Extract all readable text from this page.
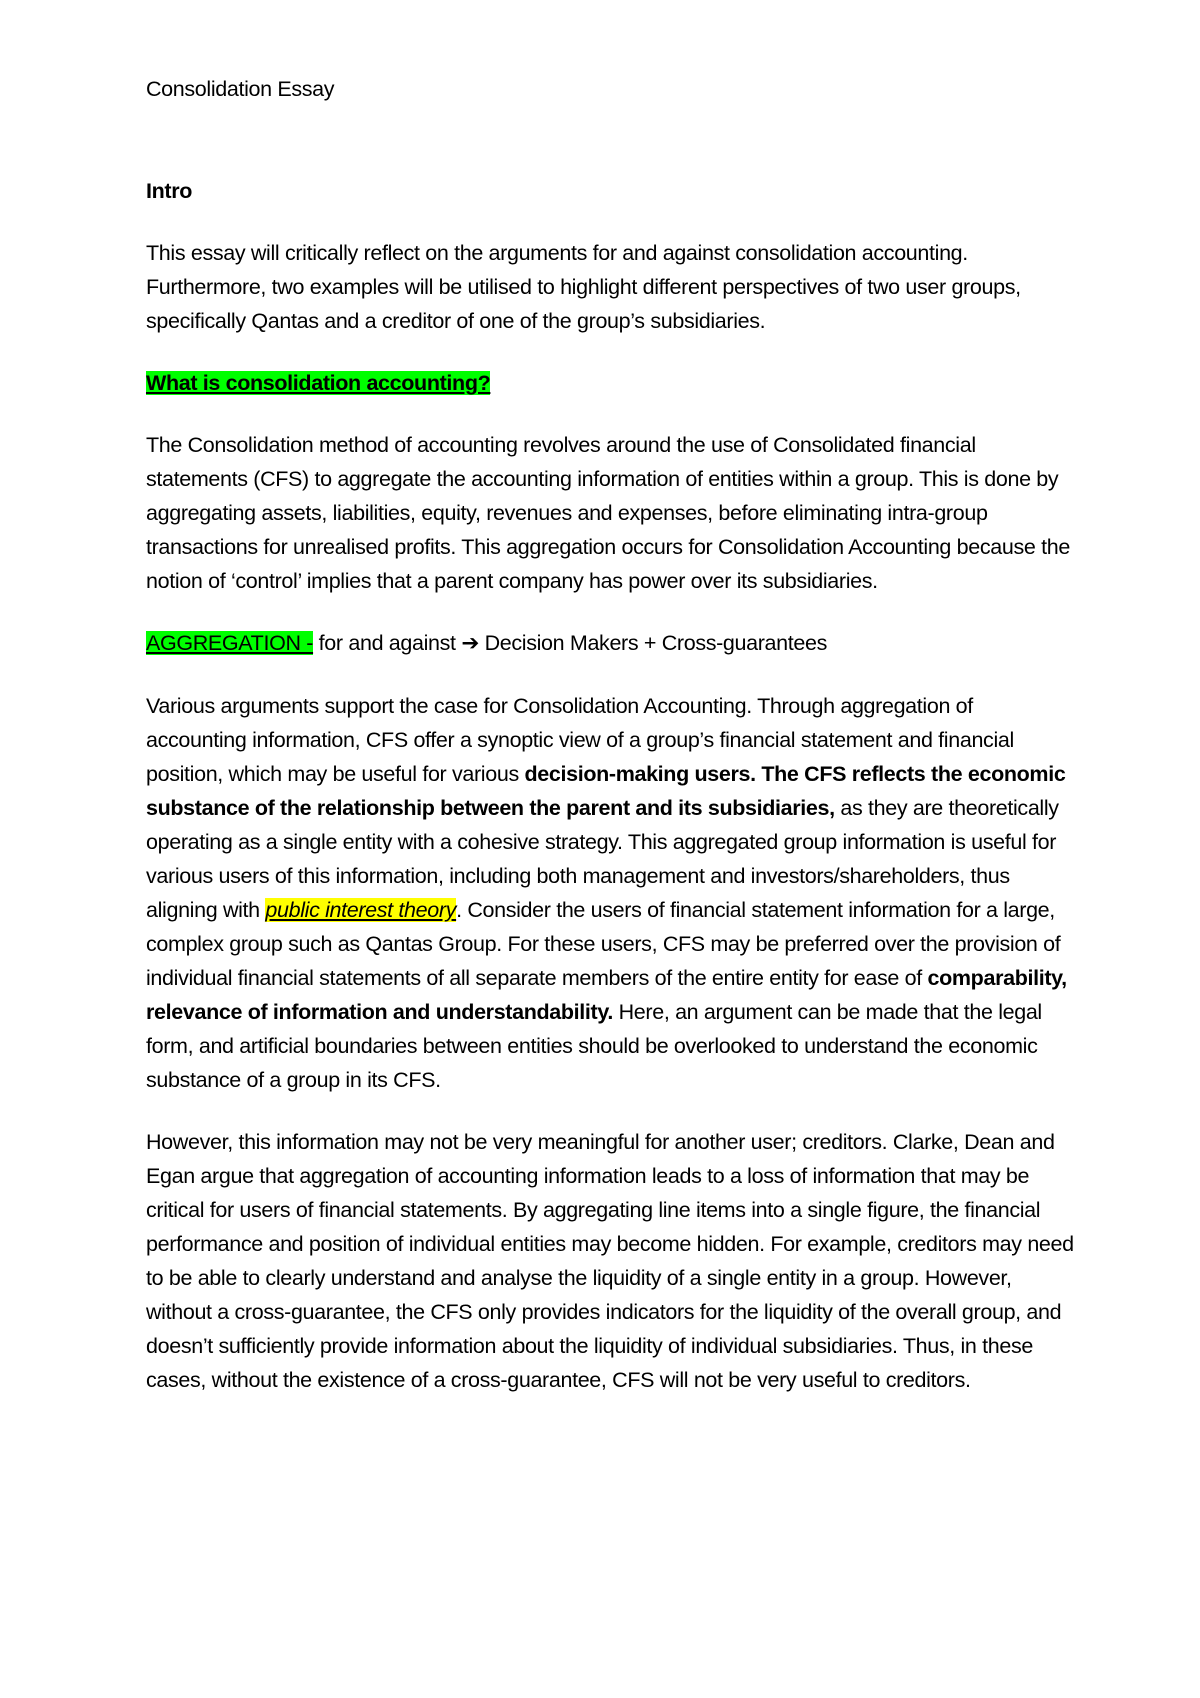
Consolidation Essay

Intro

This essay will critically reflect on the arguments for and against consolidation accounting. Furthermore, two examples will be utilised to highlight different perspectives of two user groups, specifically Qantas and a creditor of one of the group’s subsidiaries.

What is consolidation accounting?

The Consolidation method of accounting revolves around the use of Consolidated financial statements (CFS) to aggregate the accounting information of entities within a group. This is done by aggregating assets, liabilities, equity, revenues and expenses, before eliminating intra-group transactions for unrealised profits. This aggregation occurs for Consolidation Accounting because the notion of ‘control’ implies that a parent company has power over its subsidiaries.

AGGREGATION - for and against ➔ Decision Makers + Cross-guarantees

Various arguments support the case for Consolidation Accounting. Through aggregation of accounting information, CFS offer a synoptic view of a group’s financial statement and financial position, which may be useful for various decision-making users. The CFS reflects the economic substance of the relationship between the parent and its subsidiaries, as they are theoretically operating as a single entity with a cohesive strategy. This aggregated group information is useful for various users of this information, including both management and investors/shareholders, thus aligning with public interest theory. Consider the users of financial statement information for a large, complex group such as Qantas Group. For these users, CFS may be preferred over the provision of individual financial statements of all separate members of the entire entity for ease of comparability, relevance of information and understandability. Here, an argument can be made that the legal form, and artificial boundaries between entities should be overlooked to understand the economic substance of a group in its CFS.

However, this information may not be very meaningful for another user; creditors. Clarke, Dean and Egan argue that aggregation of accounting information leads to a loss of information that may be critical for users of financial statements. By aggregating line items into a single figure, the financial performance and position of individual entities may become hidden. For example, creditors may need to be able to clearly understand and analyse the liquidity of a single entity in a group. However, without a cross-guarantee, the CFS only provides indicators for the liquidity of the overall group, and doesn’t sufficiently provide information about the liquidity of individual subsidiaries. Thus, in these cases, without the existence of a cross-guarantee, CFS will not be very useful to creditors.
